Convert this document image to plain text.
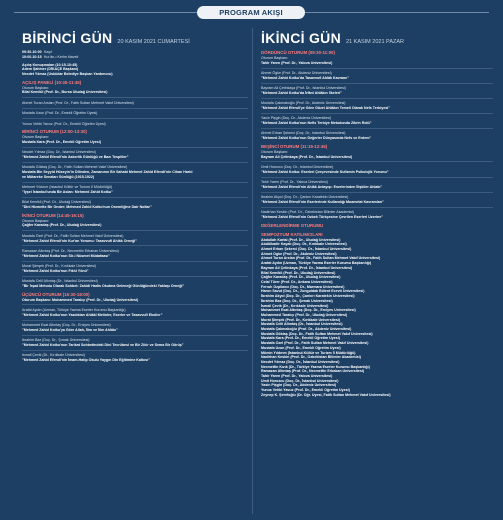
PROGRAM AKIŞI
BİRİNCİ GÜN 20 KASIM 2021 CUMARTESİ
09:30-10:00 Kayıt
10:00-10:15 Kur'ân-ı Kerîm tilaveti
Açılış Konuşmaları (10:15-10:45)
Adem Şahiner (DİKAÇE Başkanı)
Necdet Yılmaz (Üsküdar Belediye Başkan Yardımcısı)
AÇILIŞ PANELİ (10:45-11:45)
Oturum Başkanı:
Bilal Kemikli (Prof. Dr., Bursa Uludağ Üniversitesi)
Ahmet Turan Arslan (Prof. Dr., Fatih Sultan Mehmet Vakıf Üniversitesi)
Mustafa Uzun (Prof. Dr., Emekli Öğretim Üyesi)
Yunus Vehbi Yavuz (Prof. Dr., Emekli Öğretim Üyesi)
BİRİNCİ OTURUM (12:00-13:30)
Oturum Başkanı:
Mustafa Kara (Prof. Dr., Emekli Öğretim Üyesi)
Necdet Yılmaz (Doç. Dr., İstanbul Üniversitesi)
"Mehmed Zahid Efendi'nin Askerlik Günlüğü ve Bazı Tespitler"
Mustafa Göktaş (Doç. Dr., Fatih Sultan Mehmet Vakıf Üniversitesi)
Mustafa Bin Seyyid Hüseyin'in Dilinden, Zamanının Bir Sahabi Mehmet Zahid Efendi'nin Cihan Harbi
ve Mütareke Senaları Günlüğü (1915-1922)
Mehmet Yıldırım (İstanbul Kültür ve Turizm İl Müdürlüğü)
"İyşel İstanbul'unda Bir Aslan: Mehmed Zahid Kotku"
Bilal Kemikli (Prof. Dr., Uludağ Üniversitesi)
"Dini Hizmette Bir Önder: Mehmed Zahid Kotku'nun Önemliğine Dair Notlar"
İKİNCİ OTURUM (14:45-16:15)
Oturum Başkanı:
Çağfer Karadaş (Prof. Dr., Uludağ Üniversitesi)
Mustafa Özel (Prof. Dr., Fatih Sultan Mehmet Vakıf Üniversitesi)
"Mehmed Zahid Efendi'nin Kur'an Yorumu: Tasavvufi Ahlâk Örneği"
Ramazan Altıntaş (Prof. Dr., Necmettin Erbakan Üniversitesi)
"Mehmed Zahid Kotku'nun Sîr-i Nüsmet Müdafaası"
Murat Şimşek (Prof. Dr., Kırıkkale Üniversitesi)
"Mehmed Zahid Kotku'nun Fıkhî Yönü"
Mustafa Celil Altıntaş (Dr., İstanbul Üniversitesi)
"Bir İrşad Metodu Olarak Sohbet: Zahidi Hadis Okutma Geleneği Günlüğündeki Yaklaşı Örneği"
ÜÇÜNCÜ OTURUM (16:30-18:00)
Oturum Başkanı: Muhammed Tarakçı (Prof. Dr., Uludağ Üniversitesi)
Arafat Aydın (Uzman, Türkiye Yazma Eserler Kurumu Başkanlığı)
"Mehmed Zahid Kotku'nun Yazdıkları Ahlâkî Metinler, Eserler ve Tasavvufî Ekoller"
Muhammet Esat Altıntaş (Doç. Dr., Erciyes Üniversitesi)
"Mehmed Zahid Kotku'ya Göre Allah, İlim ve İlim Ahlâkı"
İbrahim Baz (Doç. Dr., Şırnak Üniversitesi)
"Mehmed Zahid Kotku'nun Tarikat Sohbetindeki Dini Tecrübesi ve Bir Zikir ve Sema Bir Görüş"
İsmail Çevik (Dr., Kırıkkale Üniversitesi)
"Mehmed Zahid Efendi'nin İmam-Hatip Okulu Yaygın Din Eğitimine Katkısı"
İKİNCİ GÜN 21 KASIM 2021 PAZAR
DÖRDÜNCÜ OTURUM (09:30-11:00)
Oturum Başkanı:
Tahir Yaren (Prof. Dr., Yalova Üniversitesi)
Ahmet Ögke (Prof. Dr., Akdeniz Üniversitesi)
"Mehmed Zahid Kotku'da Tasavvufi Ahlâk Kavramı"
Bayram Ali Çetinkaya (Prof. Dr., İstanbul Üniversitesi)
"Mehmed Zahid Kotku'da İrfânî Ahlâkın İlkeleri"
Mustafa Çakmakoğlu (Prof. Dr., Akdeniz Üniversitesi)
"Mehmed Zahid Efendi'ye Göre Güzel Ahlâkın Temeli Olarak Nefs Terbiyesi"
Yasin Pişgin (Doç. Dr., Akdeniz Üniversitesi)
"Mehmed Zahid Kotku'nun Nefis Terbiye Metodunda Zikrin Rolü"
Ahmet Erhan Şekerci (Doç. Dr., İstanbul Üniversitesi)
"Mehmed Zahid Kotku'nun Değerler Dünyasında Nefs ve Erdem"
BEŞİNCİ OTURUM (11:15-12:45)
Oturum Başkanı:
Bayram Ali Çetinkaya (Prof. Dr., İstanbul Üniversitesi)
Ümit Horozcu (Doç. Dr., İstanbul Üniversitesi)
"Mehmed Zahid Kotku: Eserleri Çerçevesinde Sufizmin Psikolojik Yorumu"
Tahir Yaren (Prof. Dr., Yalova Üniversitesi)
"Mehmed Zahid Efendi'nin Ahlâk Anlayışı: Eserlerinden İlişkiler Ahlakı"
İbrahim Akyol (Doç. Dr., Çankırı Karatekin Üniversitesi)
"Mehmed Zahid Efendi'nin Eserlerinde Kullandığı Muamelat Kavramları"
Nadirhan Keskin (Prof. Dr., Özbekistan Bilimler Akademisi)
"Mehmed Zahid Efendi'nin Özbek Türkçesine Çevrilen Eserleri Üzerine"
DEĞERLENDİRME OTURUMU
SEMPOZYUM KATILIMCILARI
Abdullah Kartal (Prof. Dr., Uludağ Üniversitesi)
Abdülkadir Kayalı (Doç. Dr., Kırıkkale Üniversitesi)
Ahmet Erhan Şekerci (Doç. Dr., İstanbul Üniversitesi)
Ahmet Ögke (Prof. Dr., Akdeniz Üniversitesi)
Ahmet Turan Arslan (Prof. Dr., Fatih Sultan Mehmet Vakıf Üniversitesi)
Arafat Aydın (Uzman, Türkiye Yazma Eserler Kurumu Başkanlığı)
Bayram Ali Çetinkaya (Prof. Dr., İstanbul Üniversitesi)
Bilal Kemikli (Prof. Dr., Uludağ Üniversitesi)
Çağfer Karadaş (Prof. Dr., Uludağ Üniversitesi)
Celal Türer (Prof. Dr., Ankara Üniversitesi)
Ferruh Özpilavcı (Doç. Dr., Marmara Üniversitesi)
Harun Savut (Doç. Dr., Zonguldak Bülent Ecevit Üniversitesi)
İbrahim Akyol (Doç. Dr., Çankırı Karatekin Üniversitesi)
İbrahim Baz (Doç. Dr., Şırnak Üniversitesi)
İsmail Çevik (Dr., Kırıkkale Üniversitesi)
Muhammet Esat Altıntaş (Doç. Dr., Erciyes Üniversitesi)
Muhammed Tarakçı (Prof. Dr., Uludağ Üniversitesi)
Murat Şimşek (Prof. Dr., Kırıkkale Üniversitesi)
Mustafa Celil Altıntaş (Dr., İstanbul Üniversitesi)
Mustafa Çakmakoğlu (Prof. Dr., Akdeniz Üniversitesi)
Mustafa Göktaş (Doç. Dr., Fatih Sultan Mehmet Vakıf Üniversitesi)
Mustafa Kara (Prof. Dr., Emekli Öğretim Üyesi)
Mustafa Özel (Prof. Dr., Fatih Sultan Mehmet Vakıf Üniversitesi)
Mustafa Uzun (Prof. Dr., Emekli Öğretim Üyesi)
Mümin Yıldırım (İstanbul Kültür ve Turizm İl Müdürlüğü)
Nadirhan Keskin (Prof. Dr., Özbekistan Bilimler Akademisi)
Necdet Yılmaz (Doç. Dr., İstanbul Üniversitesi)
Necmettin Kızık (Dr., Türkiye Yazma Eserler Kurumu Başkanlığı)
Ramazan Altıntaş (Prof. Dr., Necmettin Erbakan Üniversitesi)
Tahir Yaren (Prof. Dr., Yalova Üniversitesi)
Ümit Horozcu (Doç. Dr., İstanbul Üniversitesi)
Yasin Pişgin (Doç. Dr., Akdeniz Üniversitesi)
Yunus Vehbi Yavuz (Prof. Dr., Emekli Öğretim Üyesi)
Zeynep K. Şerefoğlu (Dr. Öğr. Üyesi, Fatih Sultan Mehmet Vakıf Üniversitesi)
